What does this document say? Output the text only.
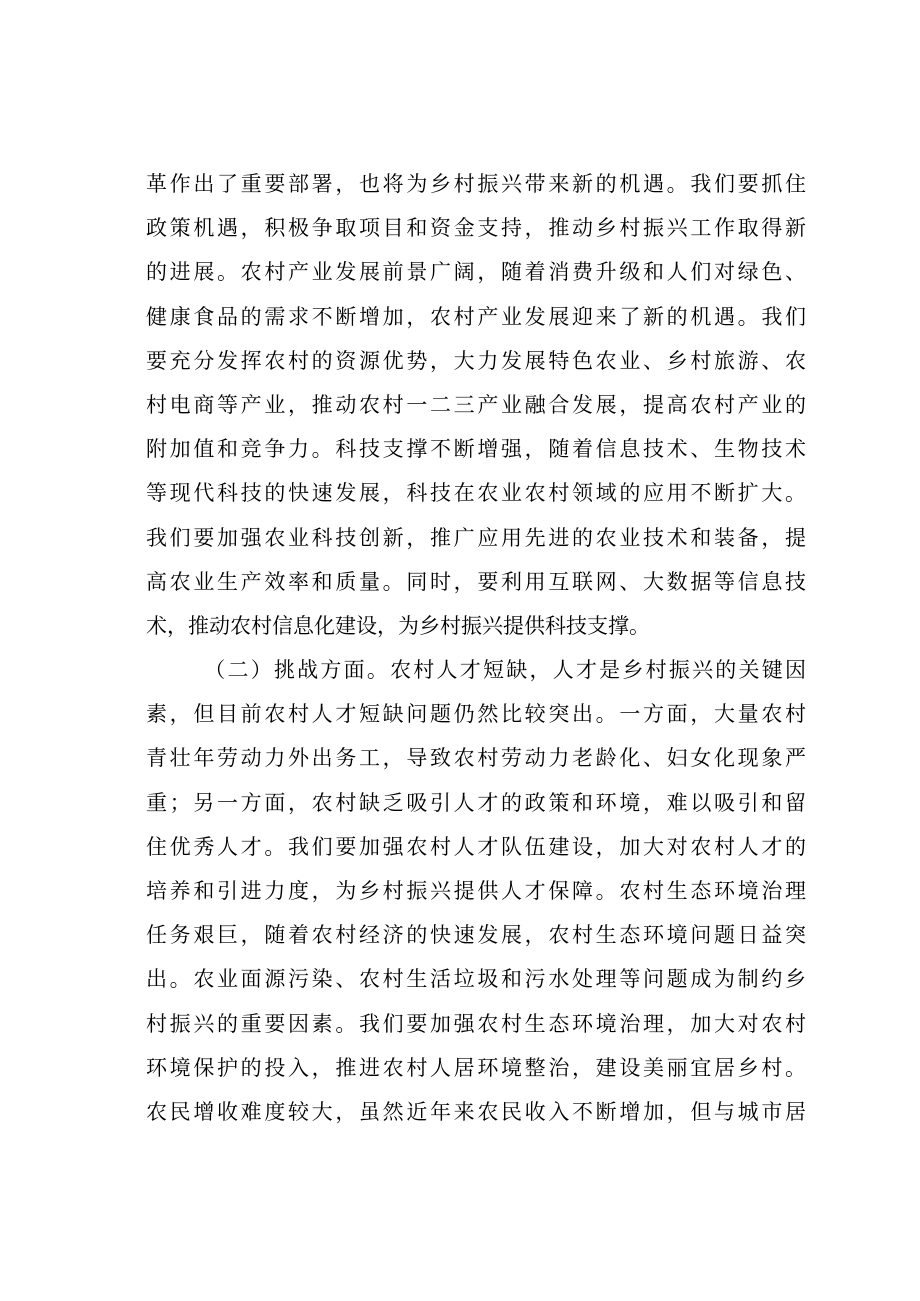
革作出了重要部署，也将为乡村振兴带来新的机遇。我们要抓住
政策机遇，积极争取项目和资金支持，推动乡村振兴工作取得新
的进展。农村产业发展前景广阔，随着消费升级和人们对绿色、
健康食品的需求不断增加，农村产业发展迎来了新的机遇。我们
要充分发挥农村的资源优势，大力发展特色农业、乡村旅游、农
村电商等产业，推动农村一二三产业融合发展，提高农村产业的
附加值和竞争力。科技支撑不断增强，随着信息技术、生物技术
等现代科技的快速发展，科技在农业农村领域的应用不断扩大。
我们要加强农业科技创新，推广应用先进的农业技术和装备，提
高农业生产效率和质量。同时，要利用互联网、大数据等信息技
术，推动农村信息化建设，为乡村振兴提供科技支撑。
（二）挑战方面。农村人才短缺，人才是乡村振兴的关键因
素，但目前农村人才短缺问题仍然比较突出。一方面，大量农村
青壮年劳动力外出务工，导致农村劳动力老龄化、妇女化现象严
重；另一方面，农村缺乏吸引人才的政策和环境，难以吸引和留
住优秀人才。我们要加强农村人才队伍建设，加大对农村人才的
培养和引进力度，为乡村振兴提供人才保障。农村生态环境治理
任务艰巨，随着农村经济的快速发展，农村生态环境问题日益突
出。农业面源污染、农村生活垃圾和污水处理等问题成为制约乡
村振兴的重要因素。我们要加强农村生态环境治理，加大对农村
环境保护的投入，推进农村人居环境整治，建设美丽宜居乡村。
农民增收难度较大，虽然近年来农民收入不断增加，但与城市居
